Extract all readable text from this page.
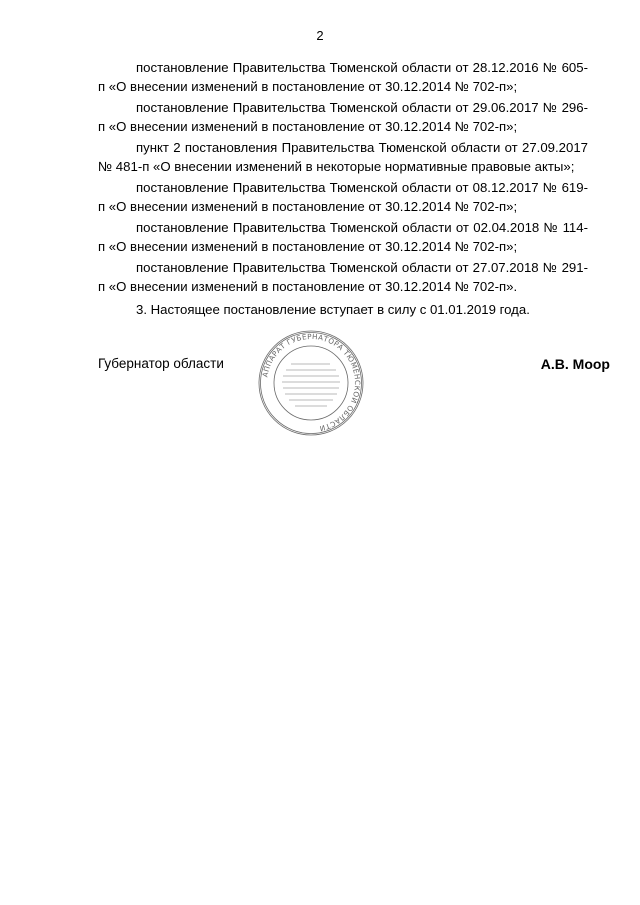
2

постановление Правительства Тюменской области от 28.12.2016 № 605-п «О внесении изменений в постановление от 30.12.2014 № 702-п»;

постановление Правительства Тюменской области от 29.06.2017 № 296-п «О внесении изменений в постановление от 30.12.2014 № 702-п»;

пункт 2 постановления Правительства Тюменской области от 27.09.2017 № 481-п «О внесении изменений в некоторые нормативные правовые акты»;

постановление Правительства Тюменской области от 08.12.2017 № 619-п «О внесении изменений в постановление от 30.12.2014 № 702-п»;

постановление Правительства Тюменской области от 02.04.2018 № 114-п «О внесении изменений в постановление от 30.12.2014 № 702-п»;

постановление Правительства Тюменской области от 27.07.2018 № 291-п «О внесении изменений в постановление от 30.12.2014 № 702-п».

3. Настоящее постановление вступает в силу с 01.01.2019 года.

Губернатор области
АППАРАТ ГУБЕРНАТОРА ТЮМЕНСКОЙ ОБЛАСТИ
А.В. Моор
